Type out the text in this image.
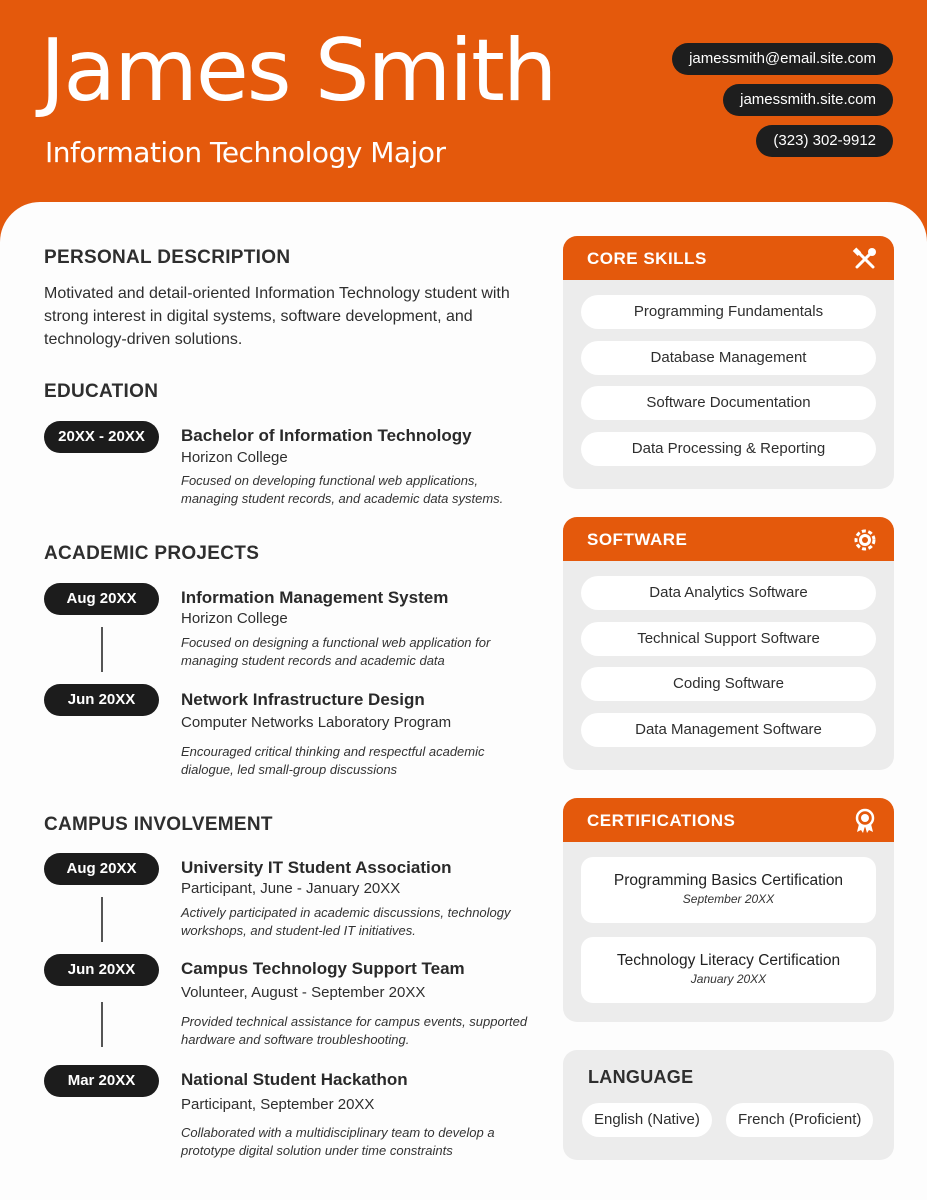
James Smith
Information Technology Major
jamessmith@email.site.com
jamessmith.site.com
(323) 302-9912
PERSONAL DESCRIPTION
Motivated and detail-oriented Information Technology student with strong interest in digital systems, software development, and technology-driven solutions.
EDUCATION
20XX - 20XX	Bachelor of Information Technology
Horizon College
Focused on developing functional web applications, managing student records, and academic data systems.
ACADEMIC PROJECTS
Aug 20XX	Information Management System
Horizon College
Focused on designing a functional web application for managing student records and academic data
Jun 20XX	Network Infrastructure Design
Computer Networks Laboratory Program
Encouraged critical thinking and respectful academic dialogue, led small-group discussions
CAMPUS INVOLVEMENT
Aug 20XX	University IT Student Association
Participant, June - January 20XX
Actively participated in academic discussions, technology workshops, and student-led IT initiatives.
Jun 20XX	Campus Technology Support Team
Volunteer, August - September 20XX
Provided technical assistance for campus events, supported hardware and software troubleshooting.
Mar 20XX	National Student Hackathon
Participant, September 20XX
Collaborated with a multidisciplinary team to develop a prototype digital solution under time constraints
CORE SKILLS
Programming Fundamentals
Database Management
Software Documentation
Data Processing & Reporting
SOFTWARE
Data Analytics Software
Technical Support Software
Coding Software
Data Management Software
CERTIFICATIONS
Programming Basics Certification
September 20XX
Technology Literacy Certification
January 20XX
LANGUAGE
English (Native)	French (Proficient)
